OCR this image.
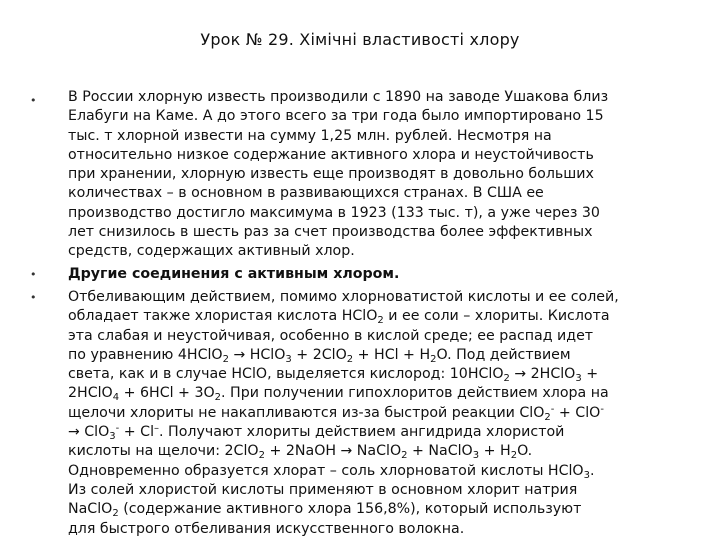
Урок № 29. Хімічні властивості хлору
•
•
•
В России хлорную известь производили с 1890 на заводе Ушакова близ
Елабуги на Каме. А до этого всего за три года было импортировано 15
тыс. т хлорной извести на сумму 1,25 млн. рублей. Несмотря на
относительно низкое содержание активного хлора и неустойчивость
при хранении, хлорную известь еще производят в довольно больших
количествах – в основном в развивающихся странах. В США ее
производство достигло максимума в 1923 (133 тыс. т), а уже через 30
лет снизилось в шесть раз за счет производства более эффективных
средств, содержащих активный хлор.
Другие соединения с активным хлором.
Отбеливающим действием, помимо хлорноватистой кислоты и ее солей,
обладает также хлористая кислота HClO$_2$ и ее соли – хлориты. Кислота
эта слабая и неустойчивая, особенно в кислой среде; ее распад идет
по уравнению 4HClO$_2$ → HClO$_3$ + 2ClO$_2$ + HCl + $H_2O$. Под действием
света, как и в случае HClO, выделяется кислород: 10HClO$_2$ → 2HClO$_3$ +
2HClO$_4$ + $6HCl + 3O_2$. При получении гипохлоритов действием хлора на
щелочи хлориты не накапливаются из-за быстрой реакции ClO$_2$- + ClO-
→ ClO$_3$- + Cl–. Получают хлориты действием ангидрида хлористой
кислоты на щелочи: 2ClO$_2$ + 2NaOH → NaClO$_2$ + NaClO$_3$ + $H_2O$.
Одновременно образуется хлорат – соль хлорноватой кислоты HClO$_3$.
Из солей хлористой кислоты применяют в основном хлорит натрия
NaClO$_2$ (содержание активного хлора 156,8%), который используют
для быстрого отбеливания искусственного волокна.
